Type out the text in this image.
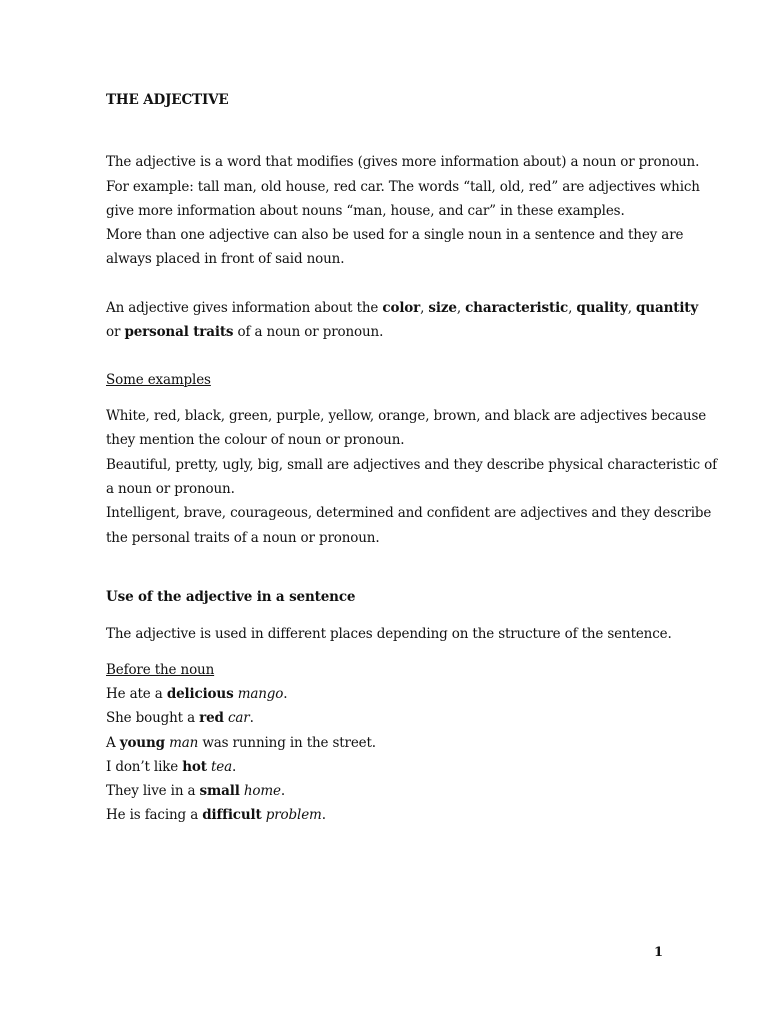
THE ADJECTIVE
The adjective is a word that modifies (gives more information about) a noun or pronoun.
For example: tall man, old house, red car. The words “tall, old, red” are adjectives which
give more information about nouns “man, house, and car” in these examples.
More than one adjective can also be used for a single noun in a sentence and they are
always placed in front of said noun.
An adjective gives information about the color, size, characteristic, quality, quantity
or personal traits of a noun or pronoun.
Some examples
White, red, black, green, purple, yellow, orange, brown, and black are adjectives because
they mention the colour of noun or pronoun.
Beautiful, pretty, ugly, big, small are adjectives and they describe physical characteristic of
a noun or pronoun.
Intelligent, brave, courageous, determined and confident are adjectives and they describe
the personal traits of a noun or pronoun.
Use of the adjective in a sentence
The adjective is used in different places depending on the structure of the sentence.
Before the noun
He ate a delicious mango.
She bought a red car.
A young man was running in the street.
I don’t like hot tea.
They live in a small home.
He is facing a difficult problem.
1
